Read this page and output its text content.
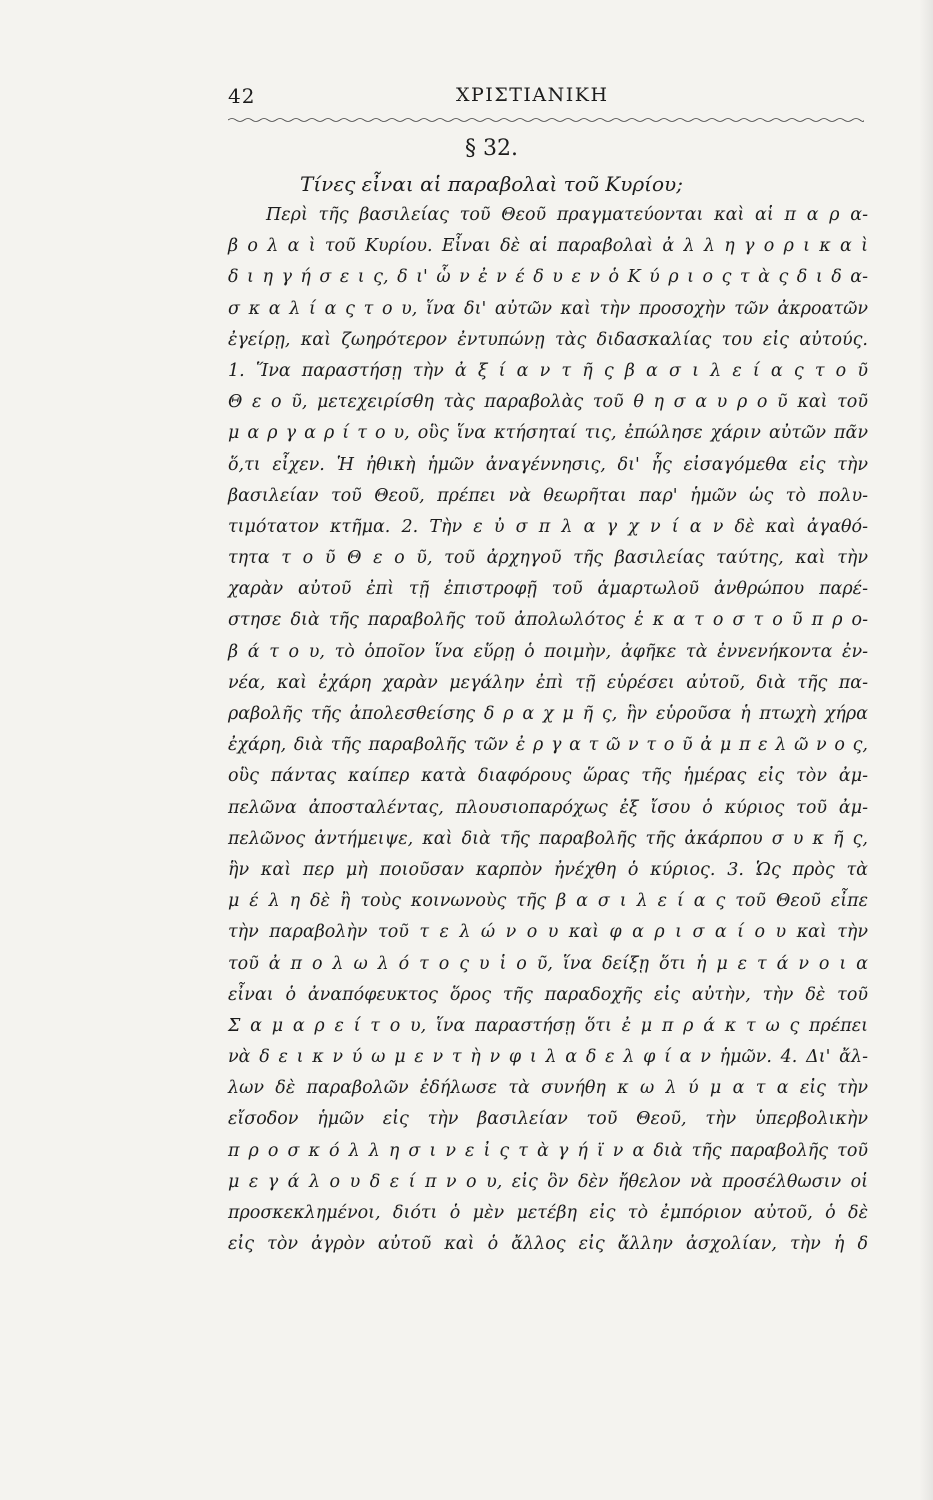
42	ΧΡΙΣΤΙΑΝΙΚΗ
§ 32.
Τίνες εἶναι αἱ παραβολαὶ τοῦ Κυρίου;
Περὶ τῆς βασιλείας τοῦ Θεοῦ πραγματεύονται καὶ αἱ π α ρ α-
β ο λ α ὶ τοῦ Κυρίου. Εἶναι δὲ αἱ παραβολαὶ ἀ λ λ η γ ο ρ ι κ α ὶ
δ ι η γ ή σ ε ι ς, δ ι' ὧ ν ἐ ν έ δ υ ε ν ὁ Κ ύ ρ ι ο ς τ ὰ ς δ ι δ α-
σ κ α λ ί α ς τ ο υ, ἵνα δι' αὐτῶν καὶ τὴν προσοχὴν τῶν ἀκροατῶν
ἐγείρῃ, καὶ ζωηρότερον ἐντυπώνῃ τὰς διδασκαλίας του εἰς αὐτούς.
1. Ἵνα παραστήσῃ τὴν ἀ ξ ί α ν τ ῆ ς β α σ ι λ ε ί α ς τ ο ῦ
Θ ε ο ῦ, μετεχειρίσθη τὰς παραβολὰς τοῦ θ η σ α υ ρ ο ῦ καὶ τοῦ
μ α ρ γ α ρ ί τ ο υ, οὓς ἵνα κτήσηταί τις, ἐπώλησε χάριν αὐτῶν πᾶν
ὅ,τι εἶχεν. Ἡ ἠθικὴ ἡμῶν ἀναγέννησις, δι' ἧς εἰσαγόμεθα εἰς τὴν
βασιλείαν τοῦ Θεοῦ, πρέπει νὰ θεωρῆται παρ' ἡμῶν ὡς τὸ πολυ-
τιμότατον κτῆμα. 2. Τὴν ε ὐ σ π λ α γ χ ν ί α ν δὲ καὶ ἀγαθό-
τητα τ ο ῦ Θ ε ο ῦ, τοῦ ἀρχηγοῦ τῆς βασιλείας ταύτης, καὶ τὴν
χαρὰν αὐτοῦ ἐπὶ τῇ ἐπιστροφῇ τοῦ ἁμαρτωλοῦ ἀνθρώπου παρέ-
στησε διὰ τῆς παραβολῆς τοῦ ἀπολωλότος ἑ κ α τ ο σ τ ο ῦ π ρ ο-
β ά τ ο υ, τὸ ὁποῖον ἵνα εὕρῃ ὁ ποιμὴν, ἀφῆκε τὰ ἐννενήκοντα ἐν-
νέα, καὶ ἐχάρη χαρὰν μεγάλην ἐπὶ τῇ εὑρέσει αὐτοῦ, διὰ τῆς πα-
ραβολῆς τῆς ἀπολεσθείσης δ ρ α χ μ ῆ ς, ἣν εὑροῦσα ἡ πτωχὴ χήρα
ἐχάρη, διὰ τῆς παραβολῆς τῶν ἐ ρ γ α τ ῶ ν τ ο ῦ ἀ μ π ε λ ῶ ν ο ς,
οὓς πάντας καίπερ κατὰ διαφόρους ὥρας τῆς ἡμέρας εἰς τὸν ἀμ-
πελῶνα ἀποσταλέντας, πλουσιοπαρόχως ἐξ ἴσου ὁ κύριος τοῦ ἀμ-
πελῶνος ἀντήμειψε, καὶ διὰ τῆς παραβολῆς τῆς ἀκάρπου σ υ κ ῆ ς,
ἣν καὶ περ μὴ ποιοῦσαν καρπὸν ἠνέχθη ὁ κύριος. 3. Ὡς πρὸς τὰ
μ έ λ η δὲ ἢ τοὺς κοινωνοὺς τῆς β α σ ι λ ε ί α ς τοῦ Θεοῦ εἶπε
τὴν παραβολὴν τοῦ τ ε λ ώ ν ο υ καὶ φ α ρ ι σ α ί ο υ καὶ τὴν
τοῦ ἀ π ο λ ω λ ό τ ο ς υ ἱ ο ῦ, ἵνα δείξῃ ὅτι ἡ μ ε τ ά ν ο ι α
εἶναι ὁ ἀναπόφευκτος ὅρος τῆς παραδοχῆς εἰς αὐτὴν, τὴν δὲ τοῦ
Σ α μ α ρ ε ί τ ο υ, ἵνα παραστήσῃ ὅτι ἐ μ π ρ ά κ τ ω ς πρέπει
νὰ δ ε ι κ ν ύ ω μ ε ν τ ὴ ν φ ι λ α δ ε λ φ ί α ν ἡμῶν. 4. Δι' ἄλ-
λων δὲ παραβολῶν ἐδήλωσε τὰ συνήθη κ ω λ ύ μ α τ α εἰς τὴν
εἴσοδον ἡμῶν εἰς τὴν βασιλείαν τοῦ Θεοῦ, τὴν ὑπερβολικὴν
π ρ ο σ κ ό λ λ η σ ι ν ε ἰ ς τ ὰ γ ή ϊ ν α διὰ τῆς παραβολῆς τοῦ
μ ε γ ά λ ο υ δ ε ί π ν ο υ, εἰς ὃν δὲν ἤθελον νὰ προσέλθωσιν οἱ
προσκεκλημένοι, διότι ὁ μὲν μετέβη εἰς τὸ ἐμπόριον αὐτοῦ, ὁ δὲ
εἰς τὸν ἀγρὸν αὐτοῦ καὶ ὁ ἄλλος εἰς ἄλλην ἀσχολίαν, τὴν ἡ δ
